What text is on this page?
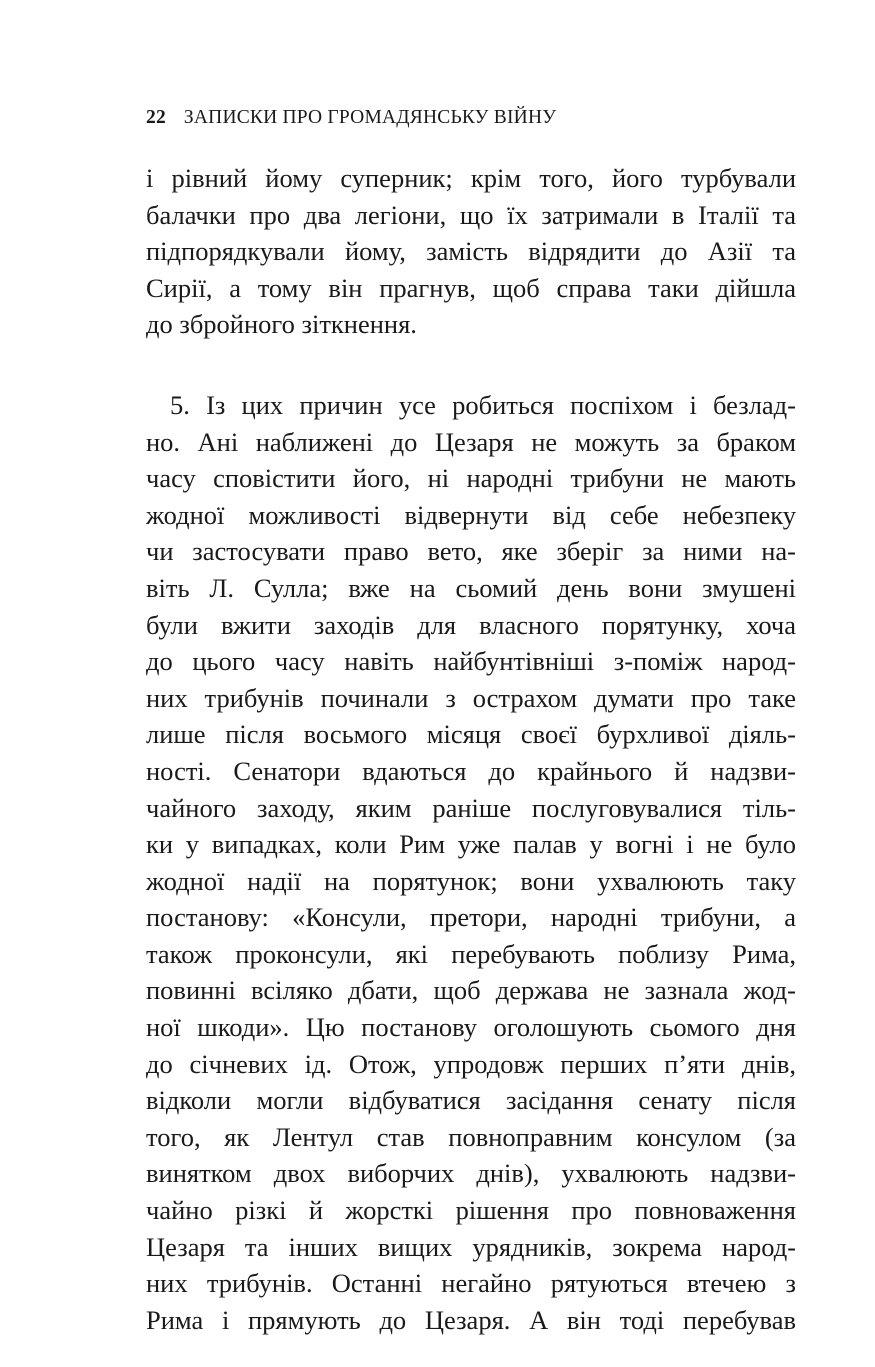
22 ЗАПИСКИ ПРО ГРОМАДЯНСЬКУ ВІЙНУ
і рівний йому суперник; крім того, його турбували
балачки про два легіони, що їх затримали в Італії та
підпорядкували йому, замість відрядити до Азії та
Сирії, а тому він прагнув, щоб справа таки дійшла
до збройного зіткнення.
5. Із цих причин усе робиться поспіхом і безлад-
но. Ані наближені до Цезаря не можуть за браком
часу сповістити його, ні народні трибуни не мають
жодної можливості відвернути від себе небезпеку
чи застосувати право вето, яке зберіг за ними на-
віть Л. Сулла; вже на сьомий день вони змушені
були вжити заходів для власного порятунку, хоча
до цього часу навіть найбунтівніші з-поміж народ-
них трибунів починали з острахом думати про таке
лише після восьмого місяця своєї бурхливої діяль-
ності. Сенатори вдаються до крайнього й надзви-
чайного заходу, яким раніше послуговувалися тіль-
ки у випадках, коли Рим уже палав у вогні і не було
жодної надії на порятунок; вони ухвалюють таку
постанову: «Консули, претори, народні трибуни, а
також проконсули, які перебувають поблизу Рима,
повинні всіляко дбати, щоб держава не зазнала жод-
ної шкоди». Цю постанову оголошують сьомого дня
до січневих ід. Отож, упродовж перших п’яти днів,
відколи могли відбуватися засідання сенату після
того, як Лентул став повноправним консулом (за
винятком двох виборчих днів), ухвалюють надзви-
чайно різкі й жорсткі рішення про повноваження
Цезаря та інших вищих урядників, зокрема народ-
них трибунів. Останні негайно рятуються втечею з
Рима і прямують до Цезаря. А він тоді перебував
